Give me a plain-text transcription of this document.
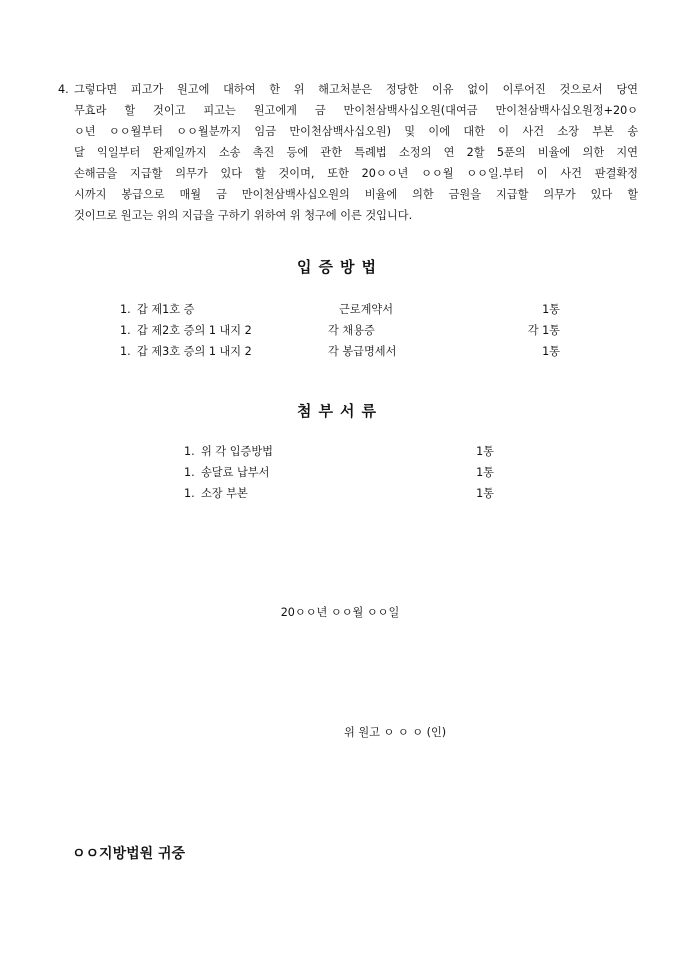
4. 그렇다면 피고가 원고에 대하여 한 위 해고처분은 정당한 이유 없이 이루어진 것으로서 당연
무효라 할 것이고 피고는 원고에게 금 만이천삼백사십오원(대여금 만이천삼백사십오원정+20ㅇ
ㅇ년 ㅇㅇ월부터 ㅇㅇ월분까지 임금 만이천삼백사십오원) 및 이에 대한 이 사건 소장 부본 송
달 익일부터 완제일까지 소송 촉진 등에 관한 특례법 소정의 연 2할 5푼의 비율에 의한 지연
손해금을 지급할 의무가 있다 할 것이며, 또한 20ㅇㅇ년 ㅇㅇ월 ㅇㅇ일.부터 이 사건 판결확정
시까지 봉급으로 매월 금 만이천삼백사십오원의 비율에 의한 금원을 지급할 의무가 있다 할
것이므로 원고는 위의 지급을 구하기 위하여 위 청구에 이른 것입니다.
입증방법
1. 갑 제1호 증	근로계약서	1통
1. 갑 제2호 증의 1 내지 2	각 채용증	각 1통
1. 갑 제3호 증의 1 내지 2	각 봉급명세서	1통
첨부서류
1. 위 각 입증방법	1통
1. 송달료 납부서	1통
1. 소장 부본	1통
20ㅇㅇ년 ㅇㅇ월 ㅇㅇ일
위 원고 ㅇ ㅇ ㅇ (인)
ㅇㅇ지방법원 귀중
